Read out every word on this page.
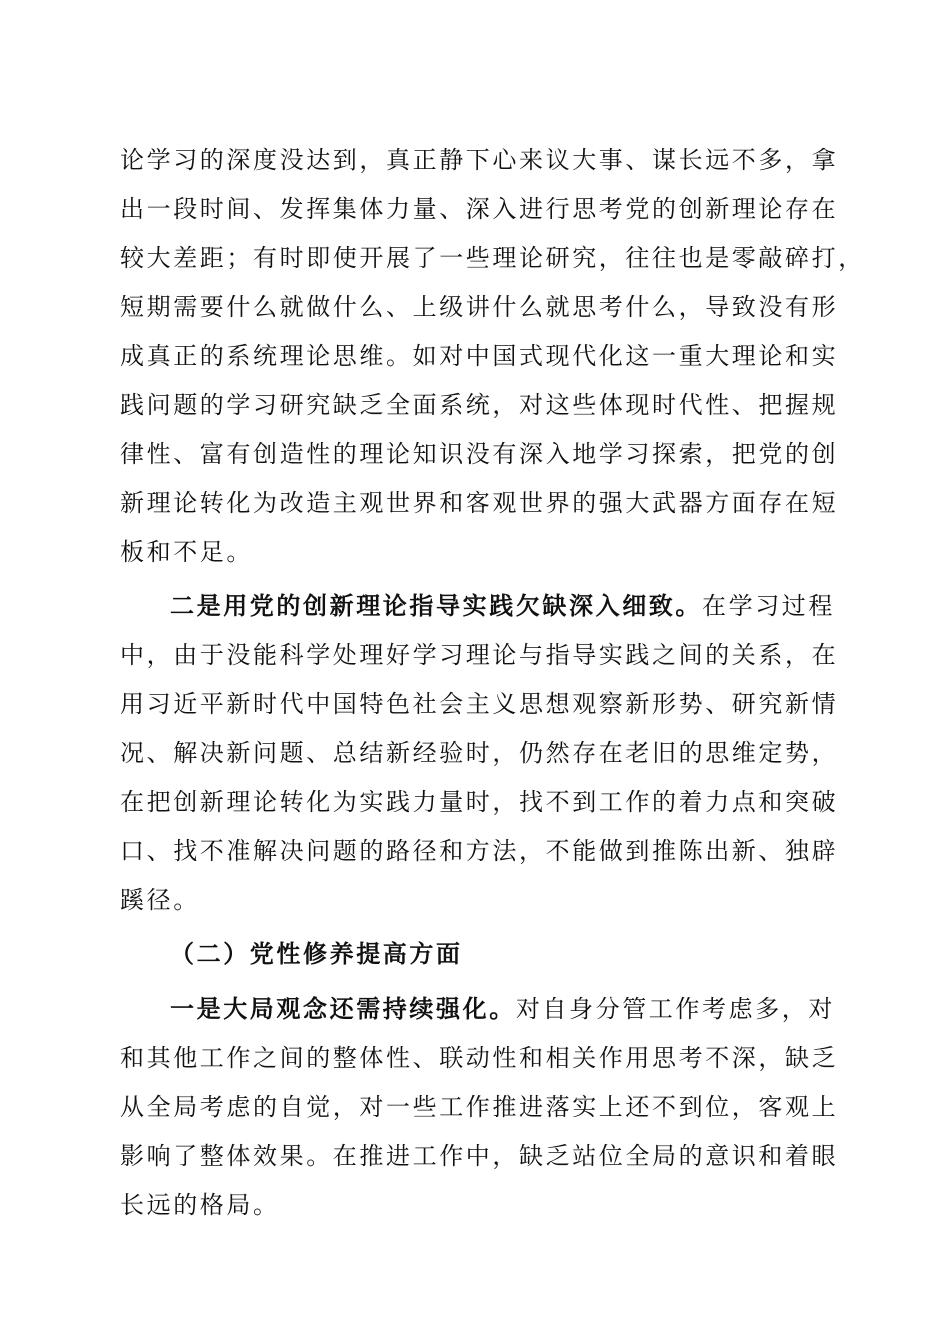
论学习的深度没达到，真正静下心来议大事、谋长远不多，拿
出一段时间、发挥集体力量、深入进行思考党的创新理论存在
较大差距；有时即使开展了一些理论研究，往往也是零敲碎打，
短期需要什么就做什么、上级讲什么就思考什么，导致没有形
成真正的系统理论思维。如对中国式现代化这一重大理论和实
践问题的学习研究缺乏全面系统，对这些体现时代性、把握规
律性、富有创造性的理论知识没有深入地学习探索，把党的创
新理论转化为改造主观世界和客观世界的强大武器方面存在短
板和不足。
二是用党的创新理论指导实践欠缺深入细致。在学习过程
中，由于没能科学处理好学习理论与指导实践之间的关系，在
用习近平新时代中国特色社会主义思想观察新形势、研究新情
况、解决新问题、总结新经验时，仍然存在老旧的思维定势，
在把创新理论转化为实践力量时，找不到工作的着力点和突破
口、找不准解决问题的路径和方法，不能做到推陈出新、独辟
蹊径。
（二）党性修养提高方面
一是大局观念还需持续强化。对自身分管工作考虑多，对
和其他工作之间的整体性、联动性和相关作用思考不深，缺乏
从全局考虑的自觉，对一些工作推进落实上还不到位，客观上
影响了整体效果。在推进工作中，缺乏站位全局的意识和着眼
长远的格局。
